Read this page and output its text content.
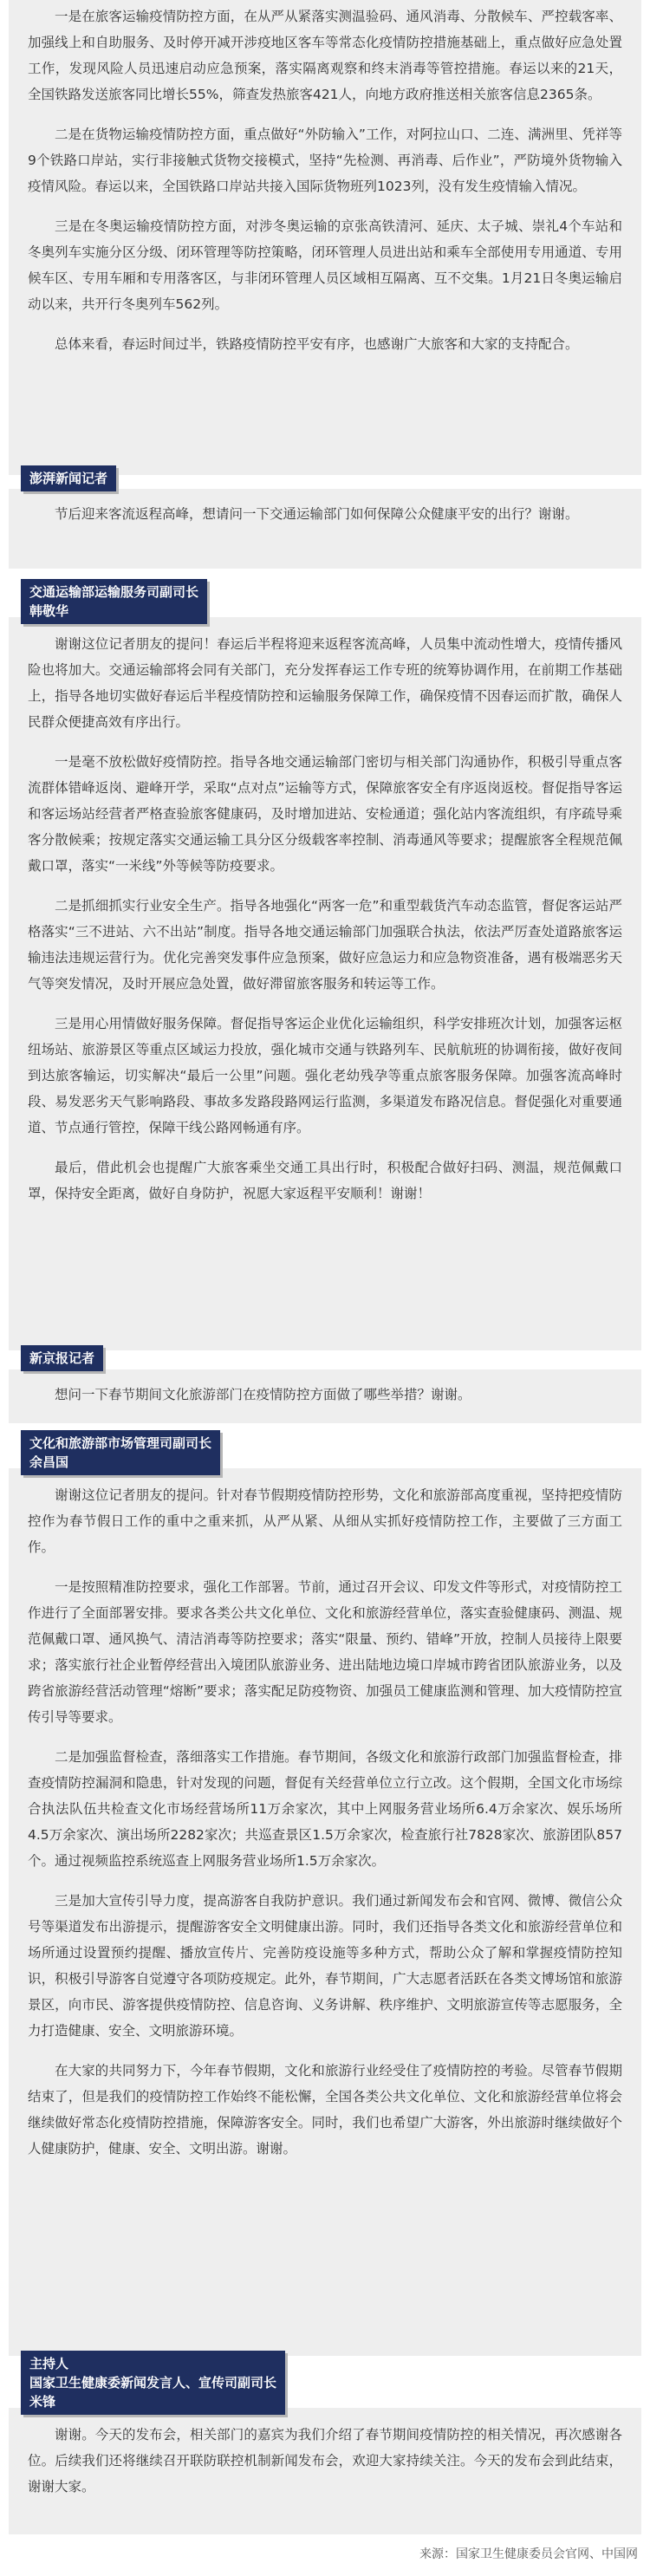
一是在旅客运输疫情防控方面，在从严从紧落实测温验码、通风消毒、分散候车、严控载客率、加强线上和自助服务、及时停开减开涉疫地区客车等常态化疫情防控措施基础上，重点做好应急处置工作，发现风险人员迅速启动应急预案，落实隔离观察和终末消毒等管控措施。春运以来的21天，全国铁路发送旅客同比增长55%，筛查发热旅客421人，向地方政府推送相关旅客信息2365条。

二是在货物运输疫情防控方面，重点做好“外防输入”工作，对阿拉山口、二连、满洲里、凭祥等9个铁路口岸站，实行非接触式货物交接模式，坚持“先检测、再消毒、后作业”，严防境外货物输入疫情风险。春运以来，全国铁路口岸站共接入国际货物班列1023列，没有发生疫情输入情况。

三是在冬奥运输疫情防控方面，对涉冬奥运输的京张高铁清河、延庆、太子城、崇礼4个车站和冬奥列车实施分区分级、闭环管理等防控策略，闭环管理人员进出站和乘车全部使用专用通道、专用候车区、专用车厢和专用落客区，与非闭环管理人员区域相互隔离、互不交集。1月21日冬奥运输启动以来，共开行冬奥列车562列。

总体来看，春运时间过半，铁路疫情防控平安有序，也感谢广大旅客和大家的支持配合。

澎湃新闻记者

节后迎来客流返程高峰，想请问一下交通运输部门如何保障公众健康平安的出行？谢谢。

交通运输部运输服务司副司长
韩敬华

谢谢这位记者朋友的提问！春运后半程将迎来返程客流高峰，人员集中流动性增大，疫情传播风险也将加大。交通运输部将会同有关部门，充分发挥春运工作专班的统筹协调作用，在前期工作基础上，指导各地切实做好春运后半程疫情防控和运输服务保障工作，确保疫情不因春运而扩散，确保人民群众便捷高效有序出行。

一是毫不放松做好疫情防控。指导各地交通运输部门密切与相关部门沟通协作，积极引导重点客流群体错峰返岗、避峰开学，采取“点对点”运输等方式，保障旅客安全有序返岗返校。督促指导客运和客运场站经营者严格查验旅客健康码，及时增加进站、安检通道；强化站内客流组织，有序疏导乘客分散候乘；按规定落实交通运输工具分区分级载客率控制、消毒通风等要求；提醒旅客全程规范佩戴口罩，落实“一米线”外等候等防疫要求。

二是抓细抓实行业安全生产。指导各地强化“两客一危”和重型载货汽车动态监管，督促客运站严格落实“三不进站、六不出站”制度。指导各地交通运输部门加强联合执法，依法严厉查处道路旅客运输违法违规运营行为。优化完善突发事件应急预案，做好应急运力和应急物资准备，遇有极端恶劣天气等突发情况，及时开展应急处置，做好滞留旅客服务和转运等工作。

三是用心用情做好服务保障。督促指导客运企业优化运输组织，科学安排班次计划，加强客运枢纽场站、旅游景区等重点区域运力投放，强化城市交通与铁路列车、民航航班的协调衔接，做好夜间到达旅客输运，切实解决“最后一公里”问题。强化老幼残孕等重点旅客服务保障。加强客流高峰时段、易发恶劣天气影响路段、事故多发路段路网运行监测，多渠道发布路况信息。督促强化对重要通道、节点通行管控，保障干线公路网畅通有序。

最后，借此机会也提醒广大旅客乘坐交通工具出行时，积极配合做好扫码、测温，规范佩戴口罩，保持安全距离，做好自身防护，祝愿大家返程平安顺利！谢谢！

新京报记者

想问一下春节期间文化旅游部门在疫情防控方面做了哪些举措？谢谢。

文化和旅游部市场管理司副司长
余昌国

谢谢这位记者朋友的提问。针对春节假期疫情防控形势，文化和旅游部高度重视，坚持把疫情防控作为春节假日工作的重中之重来抓，从严从紧、从细从实抓好疫情防控工作，主要做了三方面工作。

一是按照精准防控要求，强化工作部署。节前，通过召开会议、印发文件等形式，对疫情防控工作进行了全面部署安排。要求各类公共文化单位、文化和旅游经营单位，落实查验健康码、测温、规范佩戴口罩、通风换气、清洁消毒等防控要求；落实“限量、预约、错峰”开放，控制人员接待上限要求；落实旅行社企业暂停经营出入境团队旅游业务、进出陆地边境口岸城市跨省团队旅游业务，以及跨省旅游经营活动管理“熔断”要求；落实配足防疫物资、加强员工健康监测和管理、加大疫情防控宣传引导等要求。

二是加强监督检查，落细落实工作措施。春节期间，各级文化和旅游行政部门加强监督检查，排查疫情防控漏洞和隐患，针对发现的问题，督促有关经营单位立行立改。这个假期，全国文化市场综合执法队伍共检查文化市场经营场所11万余家次，其中上网服务营业场所6.4万余家次、娱乐场所4.5万余家次、演出场所2282家次；共巡查景区1.5万余家次，检查旅行社7828家次、旅游团队857个。通过视频监控系统巡查上网服务营业场所1.5万余家次。

三是加大宣传引导力度，提高游客自我防护意识。我们通过新闻发布会和官网、微博、微信公众号等渠道发布出游提示，提醒游客安全文明健康出游。同时，我们还指导各类文化和旅游经营单位和场所通过设置预约提醒、播放宣传片、完善防疫设施等多种方式，帮助公众了解和掌握疫情防控知识，积极引导游客自觉遵守各项防疫规定。此外，春节期间，广大志愿者活跃在各类文博场馆和旅游景区，向市民、游客提供疫情防控、信息咨询、义务讲解、秩序维护、文明旅游宣传等志愿服务，全力打造健康、安全、文明旅游环境。

在大家的共同努力下，今年春节假期，文化和旅游行业经受住了疫情防控的考验。尽管春节假期结束了，但是我们的疫情防控工作始终不能松懈，全国各类公共文化单位、文化和旅游经营单位将会继续做好常态化疫情防控措施，保障游客安全。同时，我们也希望广大游客，外出旅游时继续做好个人健康防护，健康、安全、文明出游。谢谢。

主持人
国家卫生健康委新闻发言人、宣传司副司长
米锋

谢谢。今天的发布会，相关部门的嘉宾为我们介绍了春节期间疫情防控的相关情况，再次感谢各位。后续我们还将继续召开联防联控机制新闻发布会，欢迎大家持续关注。今天的发布会到此结束，谢谢大家。

来源：国家卫生健康委员会官网、中国网
